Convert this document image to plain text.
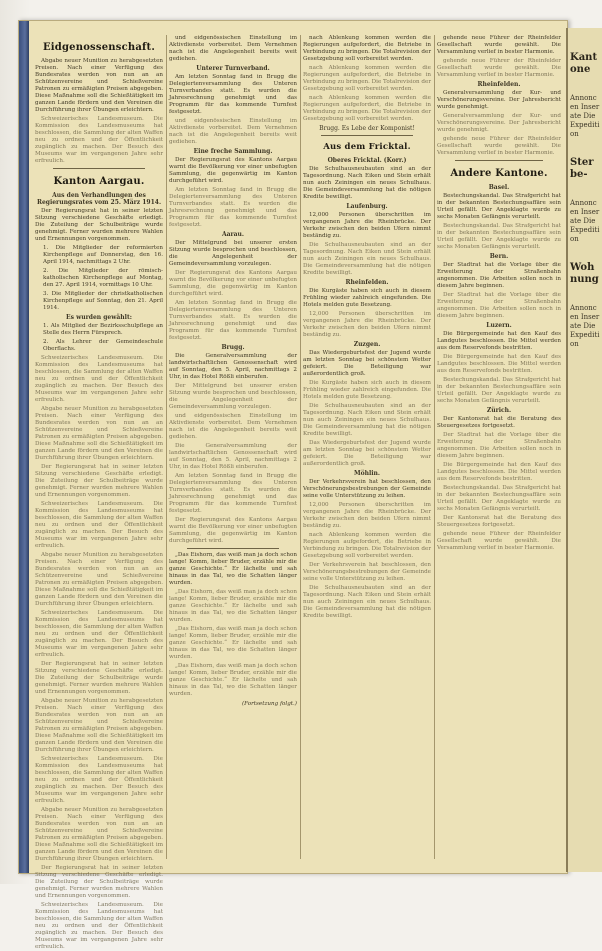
Eidgenossenschaft.

Abgabe neuer Munition zu herabgesetzten Preisen. Nach einer Verfügung des Bundesrates werden von nun an an Schützenvereine und Schießvereine Patronen zu ermäßigten Preisen abgegeben. Diese Maßnahme soll die Schießtätigkeit im ganzen Lande fördern und den Vereinen die Durchführung ihrer Übungen erleichtern.

Schweizerisches Landesmuseum. Die Kommission des Landesmuseums hat beschlossen, die Sammlung der alten Waffen neu zu ordnen und der Öffentlichkeit zugänglich zu machen. Der Besuch des Museums war im vergangenen Jahre sehr erfreulich.

Kanton Aargau.
Aus den Verhandlungen des Regierungsrates vom 25. März 1914.

Der Regierungsrat hat in seiner letzten Sitzung verschiedene Geschäfte erledigt. Die Zuteilung der Schulbeiträge wurde genehmigt. Ferner wurden mehrere Wahlen und Ernennungen vorgenommen.

1. Die Mitglieder der reformierten Kirchenpflege auf Donnerstag, den 16. April 1914, nachmittags 2 Uhr.

2. Die Mitglieder der römisch-katholischen Kirchenpflege auf Montag, den 27. April 1914, vormittags 10 Uhr.

3. Die Mitglieder der christkatholischen Kirchenpflege auf Sonntag, den 21. April 1914.

Es wurden gewählt:

1. Als Mitglied der Bezirksschulpflege an Stelle des Herrn Fürsprech.

2. Als Lehrer der Gemeindeschule Oberflachs.

Schweizerisches Landesmuseum. Die Kommission des Landesmuseums hat beschlossen, die Sammlung der alten Waffen neu zu ordnen und der Öffentlichkeit zugänglich zu machen. Der Besuch des Museums war im vergangenen Jahre sehr erfreulich.

Abgabe neuer Munition zu herabgesetzten Preisen. Nach einer Verfügung des Bundesrates werden von nun an an Schützenvereine und Schießvereine Patronen zu ermäßigten Preisen abgegeben. Diese Maßnahme soll die Schießtätigkeit im ganzen Lande fördern und den Vereinen die Durchführung ihrer Übungen erleichtern.

Der Regierungsrat hat in seiner letzten Sitzung verschiedene Geschäfte erledigt. Die Zuteilung der Schulbeiträge wurde genehmigt. Ferner wurden mehrere Wahlen und Ernennungen vorgenommen.

Schweizerisches Landesmuseum. Die Kommission des Landesmuseums hat beschlossen, die Sammlung der alten Waffen neu zu ordnen und der Öffentlichkeit zugänglich zu machen. Der Besuch des Museums war im vergangenen Jahre sehr erfreulich.

Abgabe neuer Munition zu herabgesetzten Preisen. Nach einer Verfügung des Bundesrates werden von nun an an Schützenvereine und Schießvereine Patronen zu ermäßigten Preisen abgegeben. Diese Maßnahme soll die Schießtätigkeit im ganzen Lande fördern und den Vereinen die Durchführung ihrer Übungen erleichtern.

Schweizerisches Landesmuseum. Die Kommission des Landesmuseums hat beschlossen, die Sammlung der alten Waffen neu zu ordnen und der Öffentlichkeit zugänglich zu machen. Der Besuch des Museums war im vergangenen Jahre sehr erfreulich.

Der Regierungsrat hat in seiner letzten Sitzung verschiedene Geschäfte erledigt. Die Zuteilung der Schulbeiträge wurde genehmigt. Ferner wurden mehrere Wahlen und Ernennungen vorgenommen.

Abgabe neuer Munition zu herabgesetzten Preisen. Nach einer Verfügung des Bundesrates werden von nun an an Schützenvereine und Schießvereine Patronen zu ermäßigten Preisen abgegeben. Diese Maßnahme soll die Schießtätigkeit im ganzen Lande fördern und den Vereinen die Durchführung ihrer Übungen erleichtern.

Schweizerisches Landesmuseum. Die Kommission des Landesmuseums hat beschlossen, die Sammlung der alten Waffen neu zu ordnen und der Öffentlichkeit zugänglich zu machen. Der Besuch des Museums war im vergangenen Jahre sehr erfreulich.

Abgabe neuer Munition zu herabgesetzten Preisen. Nach einer Verfügung des Bundesrates werden von nun an an Schützenvereine und Schießvereine Patronen zu ermäßigten Preisen abgegeben. Diese Maßnahme soll die Schießtätigkeit im ganzen Lande fördern und den Vereinen die Durchführung ihrer Übungen erleichtern.

Der Regierungsrat hat in seiner letzten Sitzung verschiedene Geschäfte erledigt. Die Zuteilung der Schulbeiträge wurde genehmigt. Ferner wurden mehrere Wahlen und Ernennungen vorgenommen.

Schweizerisches Landesmuseum. Die Kommission des Landesmuseums hat beschlossen, die Sammlung der alten Waffen neu zu ordnen und der Öffentlichkeit zugänglich zu machen. Der Besuch des Museums war im vergangenen Jahre sehr erfreulich.

und eidgenössischen Einstellung im Aktivdienste vorbereitet. Dem Vernehmen nach ist die Angelegenheit bereits weit gediehen.

Unterer Turnverband.

Am letzten Sonntag fand in Brugg die Delegiertenversammlung des Unteren Turnverbandes statt. Es wurden die Jahresrechnung genehmigt und das Programm für das kommende Turnfest festgesetzt.

und eidgenössischen Einstellung im Aktivdienste vorbereitet. Dem Vernehmen nach ist die Angelegenheit bereits weit gediehen.

Eine freche Sammlung.

Der Regierungsrat des Kantons Aargau warnt die Bevölkerung vor einer unbefugten Sammlung, die gegenwärtig im Kanton durchgeführt wird.

Am letzten Sonntag fand in Brugg die Delegiertenversammlung des Unteren Turnverbandes statt. Es wurden die Jahresrechnung genehmigt und das Programm für das kommende Turnfest festgesetzt.

Aarau.

Der Mittelgrund bei unserer ersten Sitzung wurde besprochen und beschlossen, die Angelegenheit der Gemeindeversammlung vorzulegen.

Der Regierungsrat des Kantons Aargau warnt die Bevölkerung vor einer unbefugten Sammlung, die gegenwärtig im Kanton durchgeführt wird.

Am letzten Sonntag fand in Brugg die Delegiertenversammlung des Unteren Turnverbandes statt. Es wurden die Jahresrechnung genehmigt und das Programm für das kommende Turnfest festgesetzt.

Brugg.

Die Generalversammlung der landwirtschaftlichen Genossenschaft wird auf Sonntag, den 5. April, nachmittags 2 Uhr, in das Hotel Rößli einberufen.

Der Mittelgrund bei unserer ersten Sitzung wurde besprochen und beschlossen, die Angelegenheit der Gemeindeversammlung vorzulegen.

und eidgenössischen Einstellung im Aktivdienste vorbereitet. Dem Vernehmen nach ist die Angelegenheit bereits weit gediehen.

Die Generalversammlung der landwirtschaftlichen Genossenschaft wird auf Sonntag, den 5. April, nachmittags 2 Uhr, in das Hotel Rößli einberufen.

Am letzten Sonntag fand in Brugg die Delegiertenversammlung des Unteren Turnverbandes statt. Es wurden die Jahresrechnung genehmigt und das Programm für das kommende Turnfest festgesetzt.

Der Regierungsrat des Kantons Aargau warnt die Bevölkerung vor einer unbefugten Sammlung, die gegenwärtig im Kanton durchgeführt wird.

„Das Eishorn, das weiß man ja doch schon lange! Komm, lieber Bruder, erzähle mir die ganze Geschichte.“ Er lächelte und sah hinaus in das Tal, wo die Schatten länger wurden.

„Das Eishorn, das weiß man ja doch schon lange! Komm, lieber Bruder, erzähle mir die ganze Geschichte.“ Er lächelte und sah hinaus in das Tal, wo die Schatten länger wurden.

„Das Eishorn, das weiß man ja doch schon lange! Komm, lieber Bruder, erzähle mir die ganze Geschichte.“ Er lächelte und sah hinaus in das Tal, wo die Schatten länger wurden.

„Das Eishorn, das weiß man ja doch schon lange! Komm, lieber Bruder, erzähle mir die ganze Geschichte.“ Er lächelte und sah hinaus in das Tal, wo die Schatten länger wurden.

(Fortsetzung folgt.)

nach Ablenkung kommen werden die Regierungen aufgefordert, die Betriebe in Verbindung zu bringen. Die Totalrevision der Gesetzgebung soll vorbereitet werden.

nach Ablenkung kommen werden die Regierungen aufgefordert, die Betriebe in Verbindung zu bringen. Die Totalrevision der Gesetzgebung soll vorbereitet werden.

nach Ablenkung kommen werden die Regierungen aufgefordert, die Betriebe in Verbindung zu bringen. Die Totalrevision der Gesetzgebung soll vorbereitet werden.

Brugg. Es Lebe der Komponist!
Aus dem Fricktal.
Oberes Fricktal. (Korr.)

Die Schulhausneubauten sind an der Tagesordnung. Nach Eiken und Stein erhält nun auch Zeiningen ein neues Schulhaus. Die Gemeindeversammlung hat die nötigen Kredite bewilligt.

Laufenburg.

12,000 Personen überschritten im vergangenen Jahre die Rheinbrücke. Der Verkehr zwischen den beiden Ufern nimmt beständig zu.

Die Schulhausneubauten sind an der Tagesordnung. Nach Eiken und Stein erhält nun auch Zeiningen ein neues Schulhaus. Die Gemeindeversammlung hat die nötigen Kredite bewilligt.

Rheinfelden.

Die Kurgäste haben sich auch in diesem Frühling wieder zahlreich eingefunden. Die Hotels melden gute Besetzung.

12,000 Personen überschritten im vergangenen Jahre die Rheinbrücke. Der Verkehr zwischen den beiden Ufern nimmt beständig zu.

Zuzgen.

Das Wiedergeburtsfest der Jugend wurde am letzten Sonntag bei schönstem Wetter gefeiert. Die Beteiligung war außerordentlich groß.

Die Kurgäste haben sich auch in diesem Frühling wieder zahlreich eingefunden. Die Hotels melden gute Besetzung.

Die Schulhausneubauten sind an der Tagesordnung. Nach Eiken und Stein erhält nun auch Zeiningen ein neues Schulhaus. Die Gemeindeversammlung hat die nötigen Kredite bewilligt.

Das Wiedergeburtsfest der Jugend wurde am letzten Sonntag bei schönstem Wetter gefeiert. Die Beteiligung war außerordentlich groß.

Möhlin.

Der Verkehrsverein hat beschlossen, den Verschönerungsbestrebungen der Gemeinde seine volle Unterstützung zu leihen.

12,000 Personen überschritten im vergangenen Jahre die Rheinbrücke. Der Verkehr zwischen den beiden Ufern nimmt beständig zu.

nach Ablenkung kommen werden die Regierungen aufgefordert, die Betriebe in Verbindung zu bringen. Die Totalrevision der Gesetzgebung soll vorbereitet werden.

Der Verkehrsverein hat beschlossen, den Verschönerungsbestrebungen der Gemeinde seine volle Unterstützung zu leihen.

Die Schulhausneubauten sind an der Tagesordnung. Nach Eiken und Stein erhält nun auch Zeiningen ein neues Schulhaus. Die Gemeindeversammlung hat die nötigen Kredite bewilligt.

gehende neue Führer der Rheinfelder Gesellschaft wurde gewählt. Die Versammlung verlief in bester Harmonie.

gehende neue Führer der Rheinfelder Gesellschaft wurde gewählt. Die Versammlung verlief in bester Harmonie.

Rheinfelden.

Generalversammlung der Kur- und Verschönerungsvereine. Der Jahresbericht wurde genehmigt.

Generalversammlung der Kur- und Verschönerungsvereine. Der Jahresbericht wurde genehmigt.

gehende neue Führer der Rheinfelder Gesellschaft wurde gewählt. Die Versammlung verlief in bester Harmonie.

Andere Kantone.
Basel.

Bestechungskandal. Das Strafgericht hat in der bekannten Bestechungsaffäre sein Urteil gefällt. Der Angeklagte wurde zu sechs Monaten Gefängnis verurteilt.

Bestechungskandal. Das Strafgericht hat in der bekannten Bestechungsaffäre sein Urteil gefällt. Der Angeklagte wurde zu sechs Monaten Gefängnis verurteilt.

Bern.

Der Stadtrat hat die Vorlage über die Erweiterung der Straßenbahn angenommen. Die Arbeiten sollen noch in diesem Jahre beginnen.

Der Stadtrat hat die Vorlage über die Erweiterung der Straßenbahn angenommen. Die Arbeiten sollen noch in diesem Jahre beginnen.

Luzern.

Die Bürgergemeinde hat den Kauf des Landgutes beschlossen. Die Mittel werden aus dem Reservefonds bestritten.

Die Bürgergemeinde hat den Kauf des Landgutes beschlossen. Die Mittel werden aus dem Reservefonds bestritten.

Bestechungskandal. Das Strafgericht hat in der bekannten Bestechungsaffäre sein Urteil gefällt. Der Angeklagte wurde zu sechs Monaten Gefängnis verurteilt.

Zürich.

Der Kantonsrat hat die Beratung des Steuergesetzes fortgesetzt.

Der Stadtrat hat die Vorlage über die Erweiterung der Straßenbahn angenommen. Die Arbeiten sollen noch in diesem Jahre beginnen.

Die Bürgergemeinde hat den Kauf des Landgutes beschlossen. Die Mittel werden aus dem Reservefonds bestritten.

Bestechungskandal. Das Strafgericht hat in der bekannten Bestechungsaffäre sein Urteil gefällt. Der Angeklagte wurde zu sechs Monaten Gefängnis verurteilt.

Der Kantonsrat hat die Beratung des Steuergesetzes fortgesetzt.

gehende neue Führer der Rheinfelder Gesellschaft wurde gewählt. Die Versammlung verlief in bester Harmonie.

Kantone

Annoncen Inserate Die Expedition

Sterbe-

Annoncen Inserate Die Expedition

Wohnung

Annoncen Inserate Die Expedition
